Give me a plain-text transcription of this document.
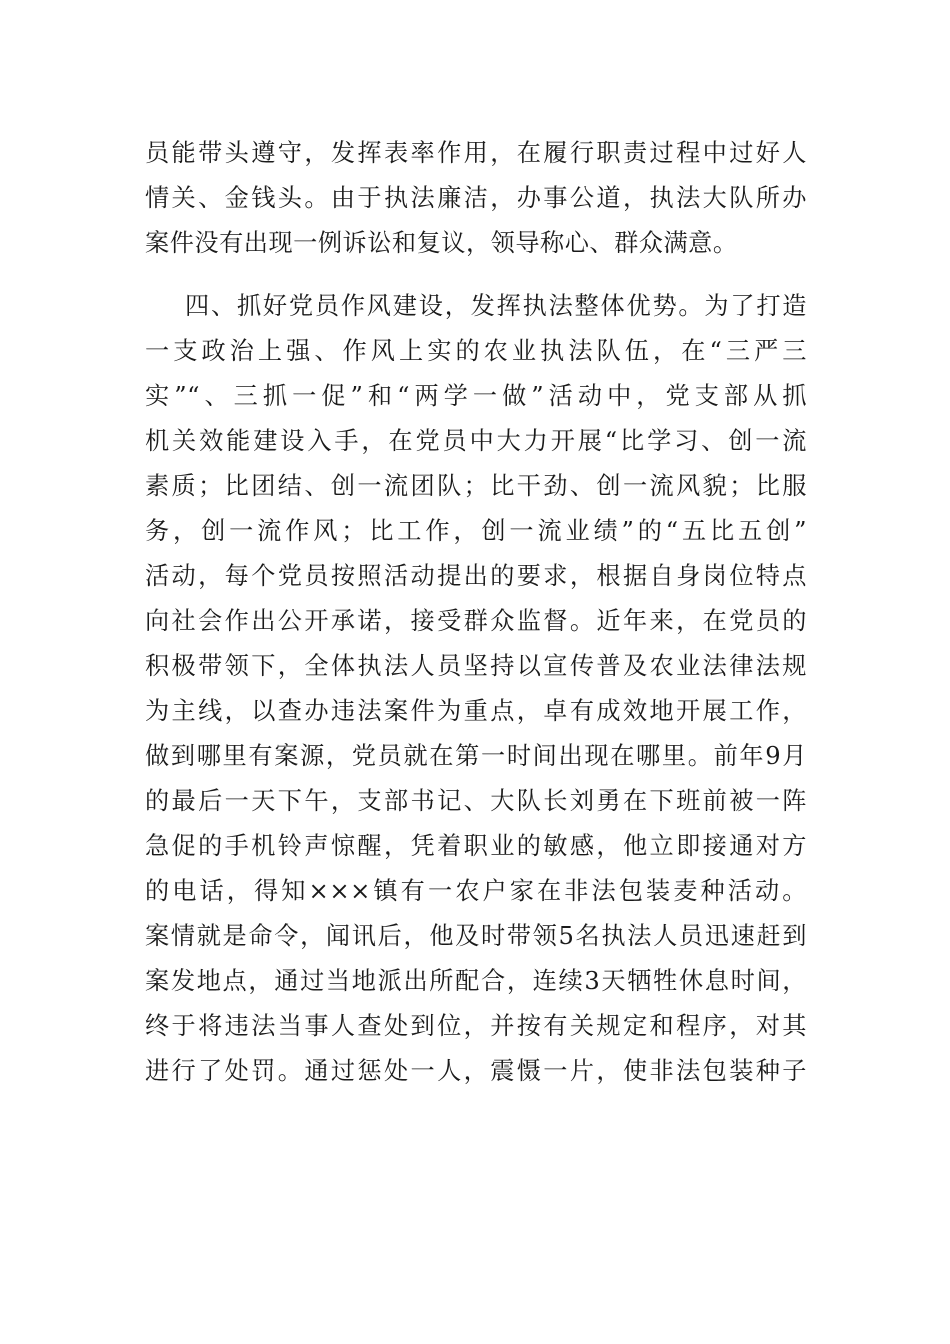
员能带头遵守，发挥表率作用，在履行职责过程中过好人
情关、金钱头。由于执法廉洁，办事公道，执法大队所办
案件没有出现一例诉讼和复议，领导称心、群众满意。
四、抓好党员作风建设，发挥执法整体优势。为了打造
一支政治上强、作风上实的农业执法队伍，在“三严三
实”“、三抓一促”和“两学一做”活动中，党支部从抓
机关效能建设入手，在党员中大力开展“比学习、创一流
素质；比团结、创一流团队；比干劲、创一流风貌；比服
务，创一流作风；比工作，创一流业绩”的“五比五创”
活动，每个党员按照活动提出的要求，根据自身岗位特点
向社会作出公开承诺，接受群众监督。近年来，在党员的
积极带领下，全体执法人员坚持以宣传普及农业法律法规
为主线，以查办违法案件为重点，卓有成效地开展工作，
做到哪里有案源，党员就在第一时间出现在哪里。前年9月
的最后一天下午，支部书记、大队长刘勇在下班前被一阵
急促的手机铃声惊醒，凭着职业的敏感，他立即接通对方
的电话，得知×××镇有一农户家在非法包装麦种活动。
案情就是命令，闻讯后，他及时带领5名执法人员迅速赶到
案发地点，通过当地派出所配合，连续3天牺牲休息时间，
终于将违法当事人查处到位，并按有关规定和程序，对其
进行了处罚。通过惩处一人，震慑一片，使非法包装种子
